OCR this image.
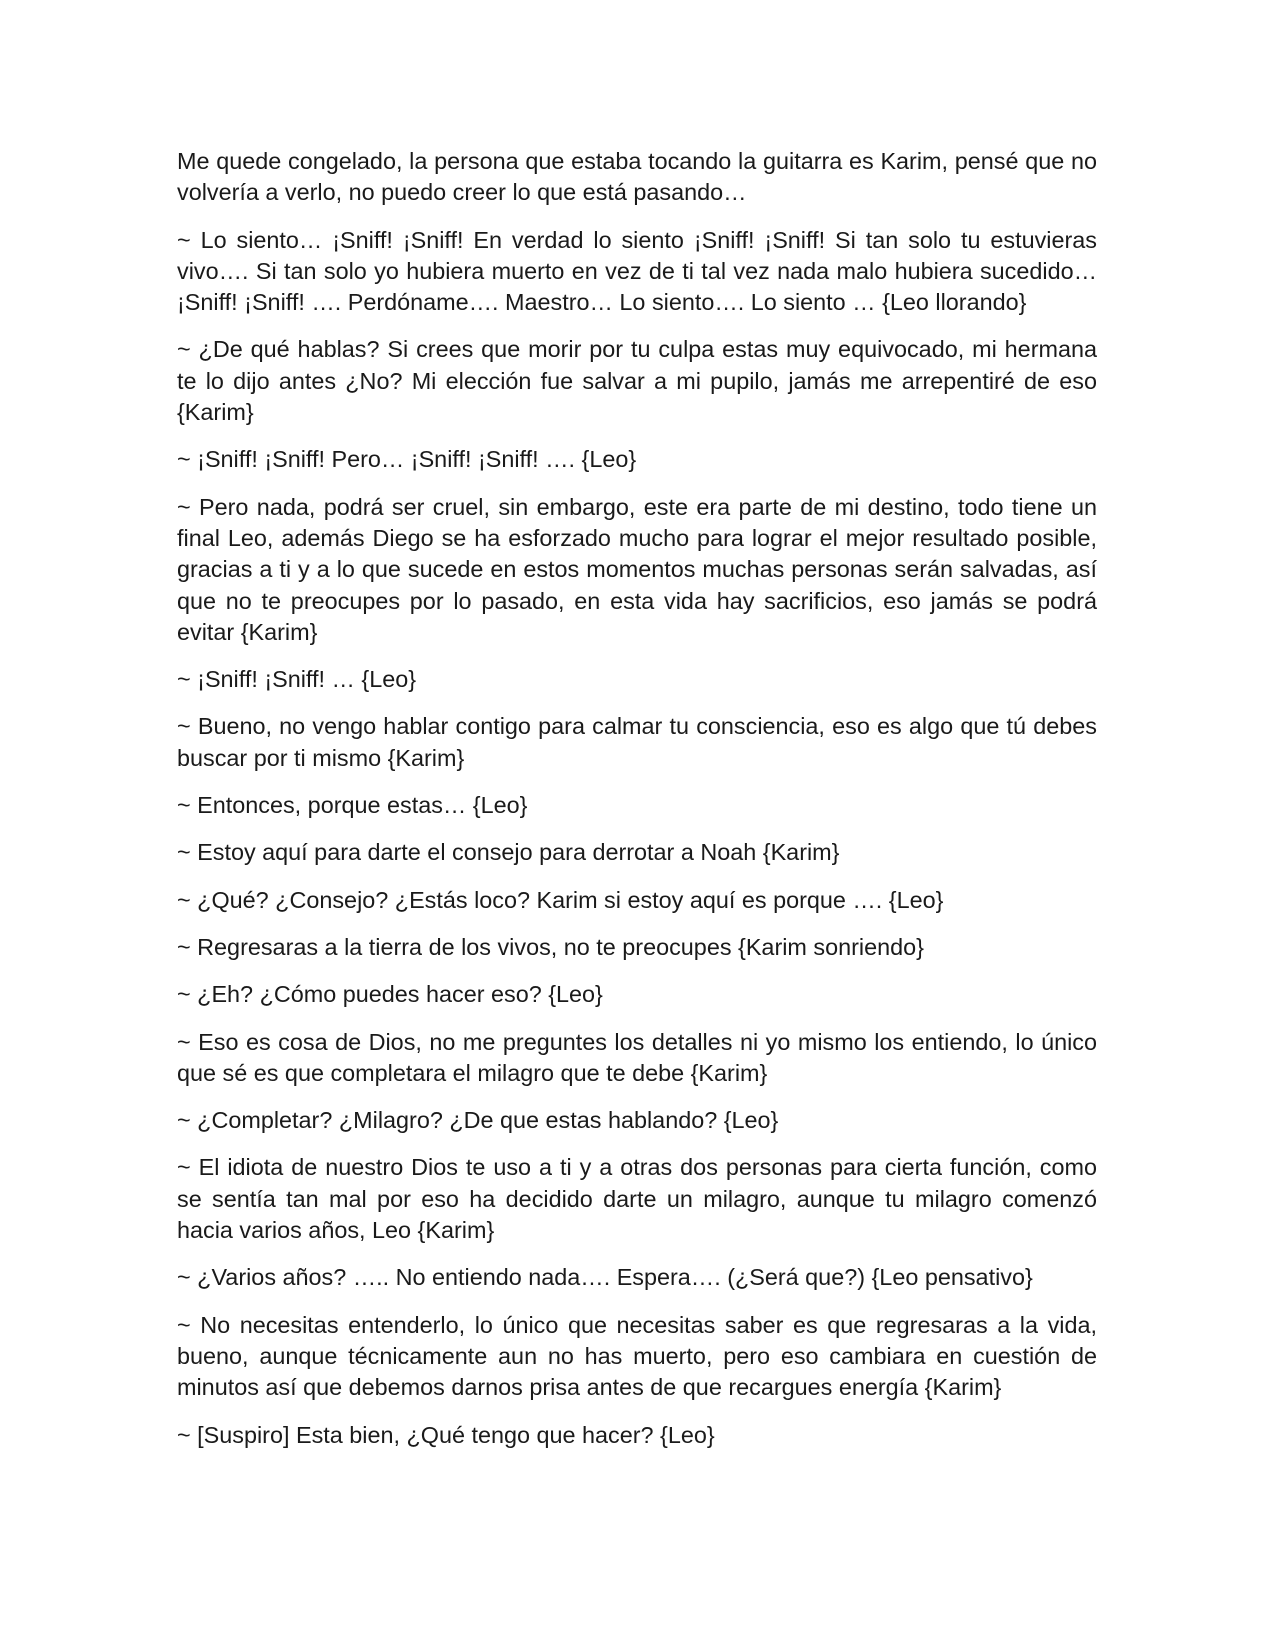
Me quede congelado, la persona que estaba tocando la guitarra es Karim, pensé que no volvería a verlo, no puedo creer lo que está pasando…

~ Lo siento… ¡Sniff! ¡Sniff! En verdad lo siento ¡Sniff! ¡Sniff! Si tan solo tu estuvieras vivo…. Si tan solo yo hubiera muerto en vez de ti tal vez nada malo hubiera sucedido… ¡Sniff! ¡Sniff! …. Perdóname…. Maestro… Lo siento…. Lo siento … {Leo llorando}

~ ¿De qué hablas? Si crees que morir por tu culpa estas muy equivocado, mi hermana te lo dijo antes ¿No? Mi elección fue salvar a mi pupilo, jamás me arrepentiré de eso {Karim}

~ ¡Sniff! ¡Sniff! Pero… ¡Sniff! ¡Sniff! …. {Leo}

~ Pero nada, podrá ser cruel, sin embargo, este era parte de mi destino, todo tiene un final Leo, además Diego se ha esforzado mucho para lograr el mejor resultado posible, gracias a ti y a lo que sucede en estos momentos muchas personas serán salvadas, así que no te preocupes por lo pasado, en esta vida hay sacrificios, eso jamás se podrá evitar {Karim}

~ ¡Sniff! ¡Sniff! … {Leo}

~ Bueno, no vengo hablar contigo para calmar tu consciencia, eso es algo que tú debes buscar por ti mismo {Karim}

~ Entonces, porque estas… {Leo}

~ Estoy aquí para darte el consejo para derrotar a Noah {Karim}

~ ¿Qué? ¿Consejo? ¿Estás loco? Karim si estoy aquí es porque …. {Leo}

~ Regresaras a la tierra de los vivos, no te preocupes {Karim sonriendo}

~ ¿Eh? ¿Cómo puedes hacer eso? {Leo}

~ Eso es cosa de Dios, no me preguntes los detalles ni yo mismo los entiendo, lo único que sé es que completara el milagro que te debe {Karim}

~ ¿Completar? ¿Milagro? ¿De que estas hablando? {Leo}

~ El idiota de nuestro Dios te uso a ti y a otras dos personas para cierta función, como se sentía tan mal por eso ha decidido darte un milagro, aunque tu milagro comenzó hacia varios años, Leo {Karim}

~ ¿Varios años? ….. No entiendo nada…. Espera…. (¿Será que?) {Leo pensativo}

~ No necesitas entenderlo, lo único que necesitas saber es que regresaras a la vida, bueno, aunque técnicamente aun no has muerto, pero eso cambiara en cuestión de minutos así que debemos darnos prisa antes de que recargues energía {Karim}

~ [Suspiro] Esta bien, ¿Qué tengo que hacer? {Leo}
